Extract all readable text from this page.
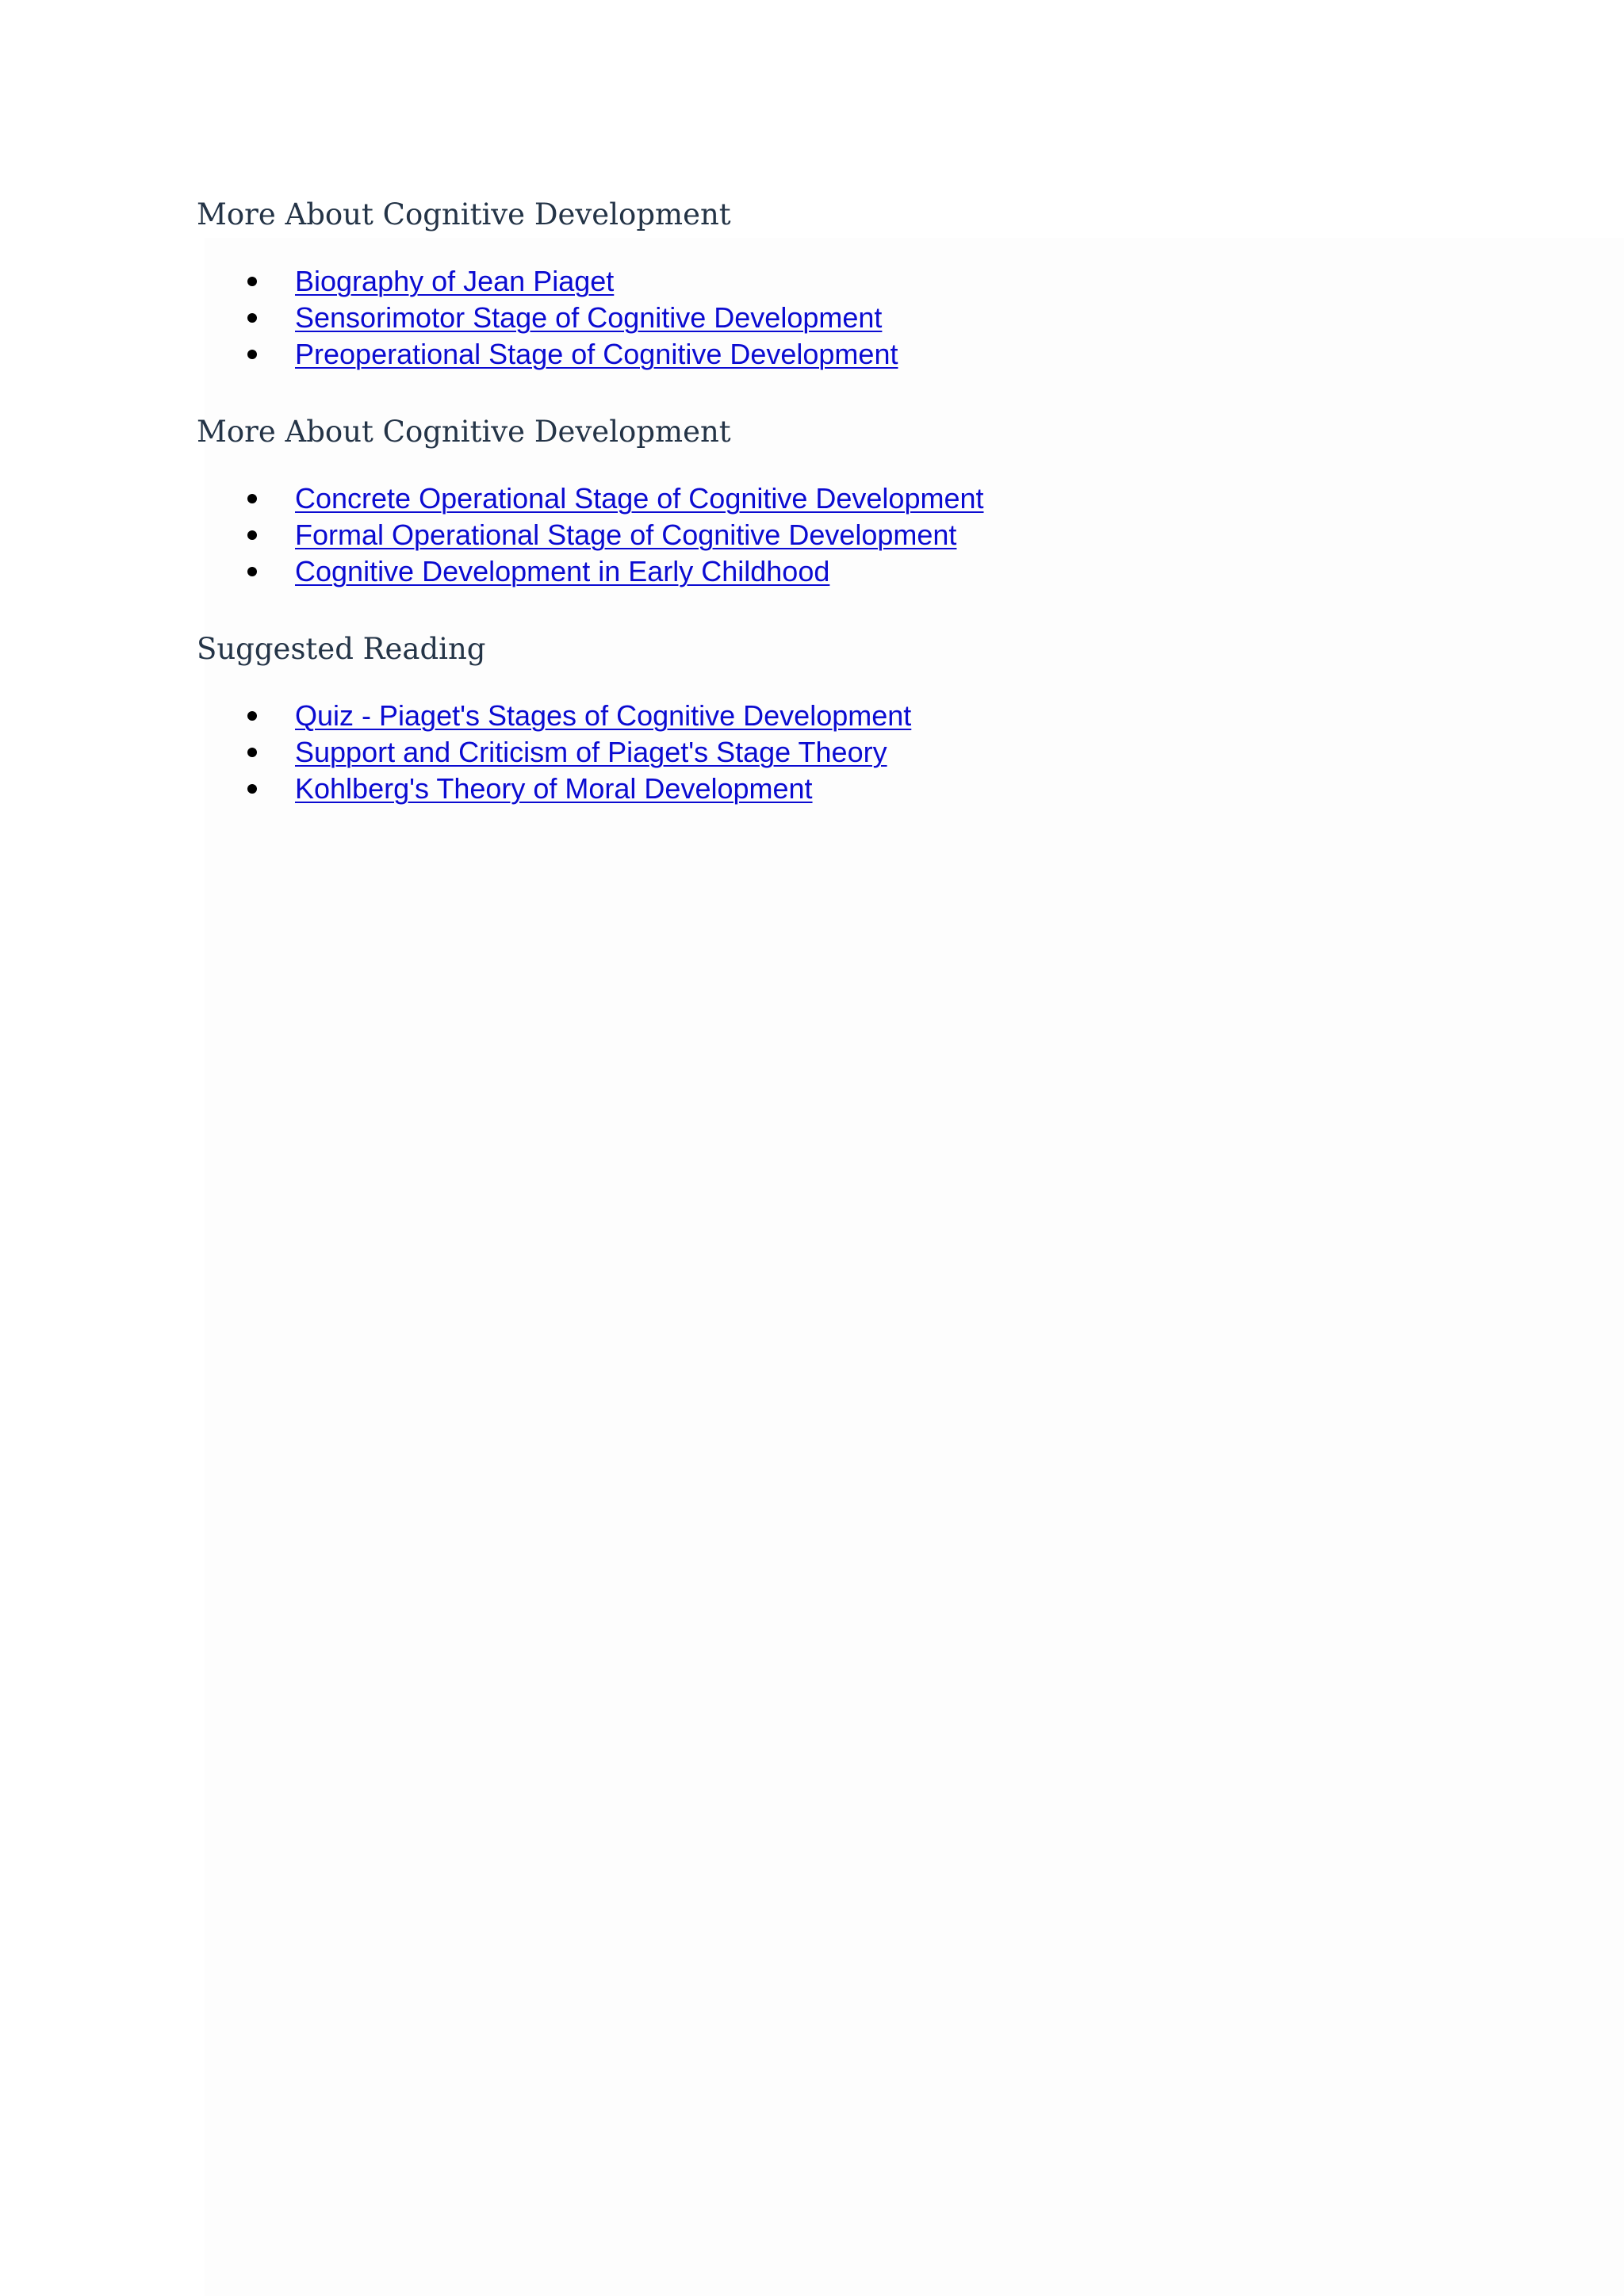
More About Cognitive Development
Biography of Jean Piaget
Sensorimotor Stage of Cognitive Development
Preoperational Stage of Cognitive Development
More About Cognitive Development
Concrete Operational Stage of Cognitive Development
Formal Operational Stage of Cognitive Development
Cognitive Development in Early Childhood
Suggested Reading
Quiz - Piaget's Stages of Cognitive Development
Support and Criticism of Piaget's Stage Theory
Kohlberg's Theory of Moral Development
